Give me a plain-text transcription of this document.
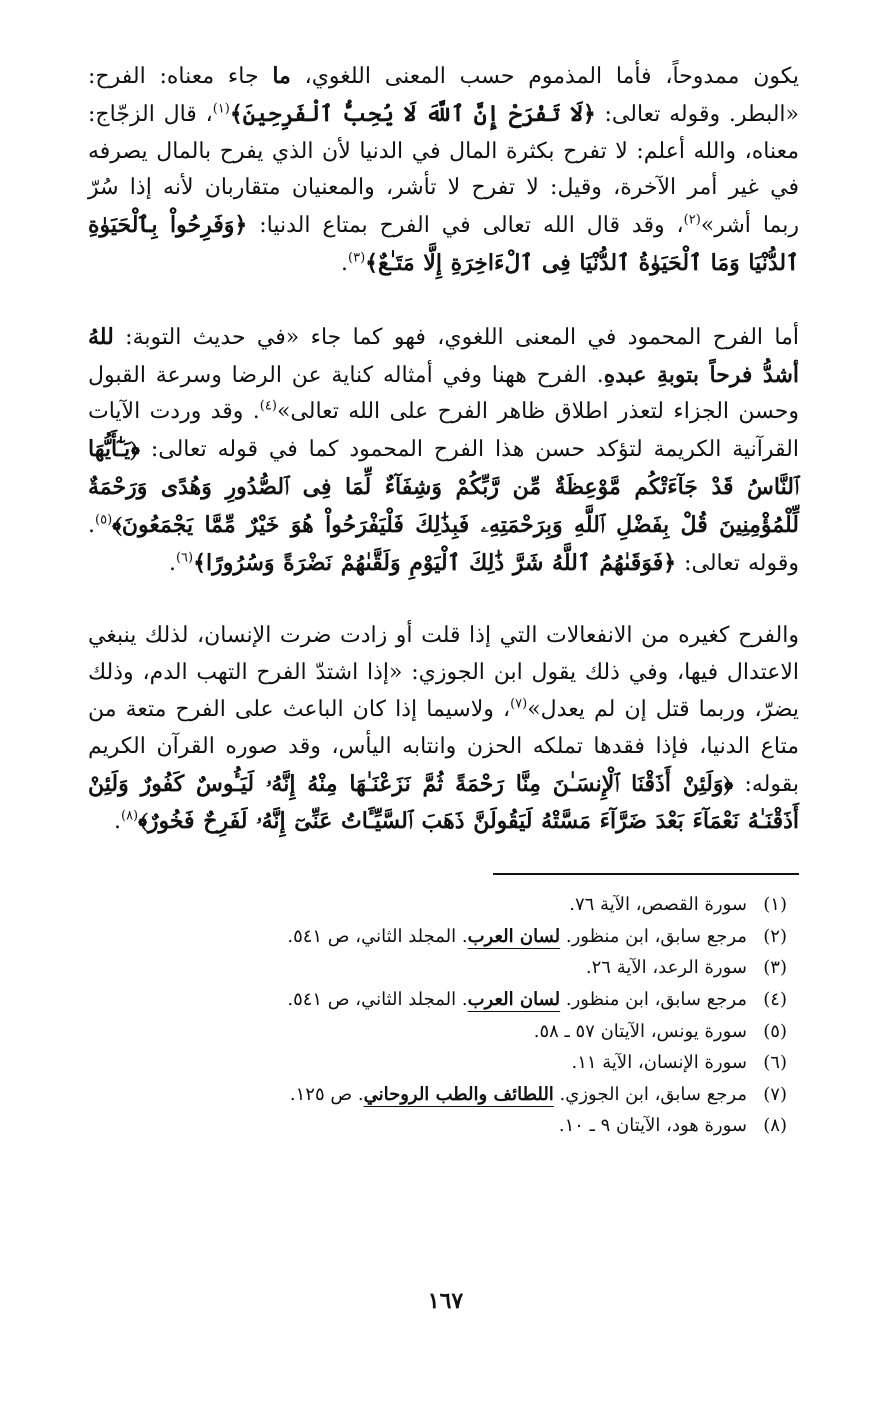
يكون ممدوحاً، فأما المذموم حسب المعنى اللغوي، ما جاء معناه: الفرح: «البطر. وقوله تعالى: ﴿لَا تَفْرَحْ إِنَّ ٱللَّهَ لَا يُحِبُّ ٱلْفَرِحِينَ﴾$^{(١)}$، قال الزجّاج: معناه، والله أعلم: لا تفرح بكثرة المال في الدنيا لأن الذي يفرح بالمال يصرفه في غير أمر الآخرة، وقيل: لا تفرح لا تأشر، والمعنيان متقاربان لأنه إذا سُرّ ربما أشر»$^{(٢)}$، وقد قال الله تعالى في الفرح بمتاع الدنيا: ﴿وَفَرِحُواْ بِٱلْحَيَوٰةِ ٱلدُّنْيَا وَمَا ٱلْحَيَوٰةُ ٱلدُّنْيَا فِى ٱلْءَاخِرَةِ إِلَّا مَتَـٰعٌ﴾$^{(٣)}$.

أما الفرح المحمود في المعنى اللغوي، فهو كما جاء «في حديث التوبة: للهُ أشدُّ فرحاً بتوبةِ عبدهِ. الفرح ههنا وفي أمثاله كناية عن الرضا وسرعة القبول وحسن الجزاء لتعذر اطلاق ظاهر الفرح على الله تعالى»$^{(٤)}$. وقد وردت الآيات القرآنية الكريمة لتؤكد حسن هذا الفرح المحمود كما في قوله تعالى: ﴿يَـٰٓأَيُّهَا ٱلنَّاسُ قَدْ جَآءَتْكُم مَّوْعِظَةٌ مِّن رَّبِّكُمْ وَشِفَآءٌ لِّمَا فِى ٱلصُّدُورِ وَهُدًى وَرَحْمَةٌ لِّلْمُؤْمِنِينَ قُلْ بِفَضْلِ ٱللَّهِ وَبِرَحْمَتِهِۦ فَبِذَٰلِكَ فَلْيَفْرَحُواْ هُوَ خَيْرٌ مِّمَّا يَجْمَعُونَ﴾$^{(٥)}$. وقوله تعالى: ﴿فَوَقَىٰهُمُ ٱللَّهُ شَرَّ ذَٰلِكَ ٱلْيَوْمِ وَلَقَّىٰهُمْ نَضْرَةً وَسُرُورًا﴾$^{(٦)}$.

والفرح كغيره من الانفعالات التي إذا قلت أو زادت ضرت الإنسان، لذلك ينبغي الاعتدال فيها، وفي ذلك يقول ابن الجوزي: «إذا اشتدّ الفرح التهب الدم، وذلك يضرّ، وربما قتل إن لم يعدل»$^{(٧)}$، ولاسيما إذا كان الباعث على الفرح متعة من متاع الدنيا، فإذا فقدها تملكه الحزن وانتابه اليأس، وقد صوره القرآن الكريم بقوله: ﴿وَلَئِنْ أَذَقْنَا ٱلْإِنسَـٰنَ مِنَّا رَحْمَةً ثُمَّ نَزَعْنَـٰهَا مِنْهُ إِنَّهُۥ لَيَـُٔوسٌ كَفُورٌ وَلَئِنْ أَذَقْنَـٰهُ نَعْمَآءَ بَعْدَ ضَرَّآءَ مَسَّتْهُ لَيَقُولَنَّ ذَهَبَ ٱلسَّيِّـَٔاتُ عَنِّىٓ إِنَّهُۥ لَفَرِحٌ فَخُورٌ﴾$^{(٨)}$.

(١)سورة القصص، الآية ٧٦.
(٢)مرجع سابق، ابن منظور. لسان العرب. المجلد الثاني، ص ٥٤١.
(٣)سورة الرعد، الآية ٢٦.
(٤)مرجع سابق، ابن منظور. لسان العرب. المجلد الثاني، ص ٥٤١.
(٥)سورة يونس، الآيتان ٥٧ ـ ٥٨.
(٦)سورة الإنسان، الآية ١١.
(٧)مرجع سابق، ابن الجوزي. اللطائف والطب الروحاني. ص ١٢٥.
(٨)سورة هود، الآيتان ٩ ـ ١٠.
١٦٧
